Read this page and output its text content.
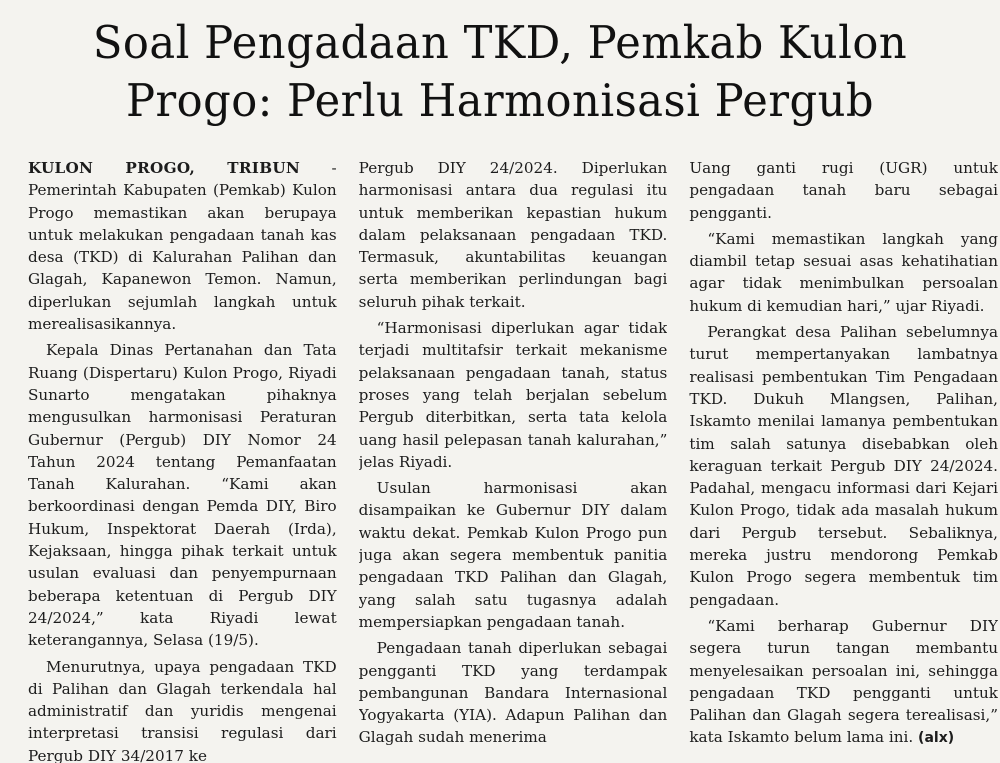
Soal Pengadaan TKD, Pemkab Kulon
Progo: Perlu Harmonisasi Pergub

KULON PROGO, TRIBUN - Pemerintah Kabupaten (Pemkab) Kulon Progo memastikan akan berupaya untuk melakukan pengadaan tanah kas desa (TKD) di Kalurahan Palihan dan Glagah, Kapanewon Temon. Namun, diperlukan sejumlah langkah untuk merealisasikannya.

Kepala Dinas Pertanahan dan Tata Ruang (Dispertaru) Kulon Progo, Riyadi Sunarto mengatakan pihaknya mengusulkan harmonisasi Peraturan Gubernur (Pergub) DIY Nomor 24 Tahun 2024 tentang Pemanfaatan Tanah Kalurahan. “Kami akan berkoordinasi dengan Pemda DIY, Biro Hukum, Inspektorat Daerah (Irda), Kejaksaan, hingga pihak terkait untuk usulan evaluasi dan penyempurnaan beberapa ketentuan di Pergub DIY 24/2024,” kata Riyadi lewat keterangannya, Selasa (19/5).

Menurutnya, upaya pengadaan TKD di Palihan dan Glagah terkendala hal administratif dan yuridis mengenai interpretasi transisi regulasi dari Pergub DIY 34/2017 ke

Pergub DIY 24/2024. Diperlukan harmonisasi antara dua regulasi itu untuk memberikan kepastian hukum dalam pelaksanaan pengadaan TKD. Termasuk, akuntabilitas keuangan serta memberikan perlindungan bagi seluruh pihak terkait.

“Harmonisasi diperlukan agar tidak terjadi multitafsir terkait mekanisme pelaksanaan pengadaan tanah, status proses yang telah berjalan sebelum Pergub diterbitkan, serta tata kelola uang hasil pelepasan tanah kalurahan,” jelas Riyadi.

Usulan harmonisasi akan disampaikan ke Gubernur DIY dalam waktu dekat. Pemkab Kulon Progo pun juga akan segera membentuk panitia pengadaan TKD Palihan dan Glagah, yang salah satu tugasnya adalah mempersiapkan pengadaan tanah.

Pengadaan tanah diperlukan sebagai pengganti TKD yang terdampak pembangunan Bandara Internasional Yogyakarta (YIA). Adapun Palihan dan Glagah sudah menerima

Uang ganti rugi (UGR) untuk pengadaan tanah baru sebagai pengganti.

“Kami memastikan langkah yang diambil tetap sesuai asas kehatihatian agar tidak menimbulkan persoalan hukum di kemudian hari,” ujar Riyadi.

Perangkat desa Palihan sebelumnya turut mempertanyakan lambatnya realisasi pembentukan Tim Pengadaan TKD. Dukuh Mlangsen, Palihan, Iskamto menilai lamanya pembentukan tim salah satunya disebabkan oleh keraguan terkait Pergub DIY 24/2024. Padahal, mengacu informasi dari Kejari Kulon Progo, tidak ada masalah hukum dari Pergub tersebut. Sebaliknya, mereka justru mendorong Pemkab Kulon Progo segera membentuk tim pengadaan.

“Kami berharap Gubernur DIY segera turun tangan membantu menyelesaikan persoalan ini, sehingga pengadaan TKD pengganti untuk Palihan dan Glagah segera terealisasi,” kata Iskamto belum lama ini. (alx)
